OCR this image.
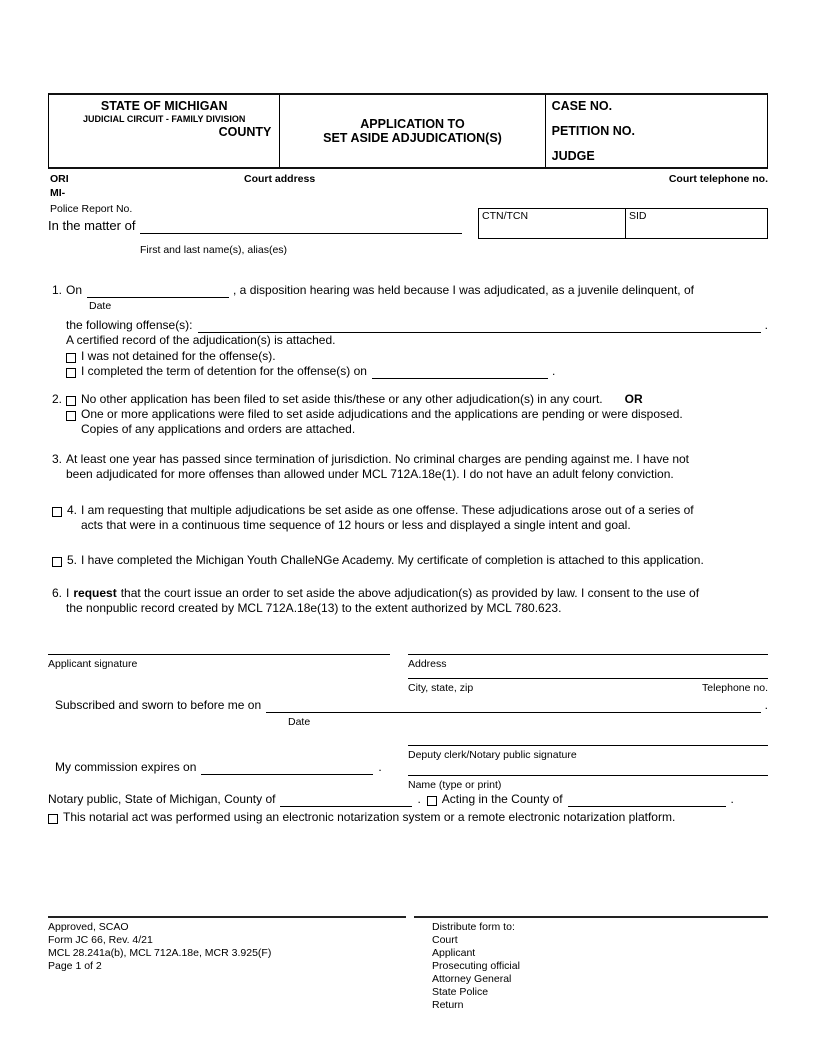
STATE OF MICHIGAN
JUDICIAL CIRCUIT - FAMILY DIVISION
COUNTY
APPLICATION TO
SET ASIDE ADJUDICATION(S)
CASE NO.
PETITION NO.
JUDGE
ORI	Court address	Court telephone no.
MI-
Police Report No.
CTN/TCN	SID
In the matter of
First and last name(s), alias(es)
1. On	, a disposition hearing was held because I was adjudicated, as a juvenile delinquent, of
Date
the following offense(s):	.
A certified record of the adjudication(s) is attached.
I was not detained for the offense(s).
I completed the term of detention for the offense(s) on	.
2.	No other application has been filed to set aside this/these or any other adjudication(s) in any court. OR
One or more applications were filed to set aside adjudications and the applications are pending or were disposed.
Copies of any applications and orders are attached.
3. At least one year has passed since termination of jurisdiction. No criminal charges are pending against me. I have not
been adjudicated for more offenses than allowed under MCL 712A.18e(1). I do not have an adult felony conviction.
4. I am requesting that multiple adjudications be set aside as one offense. These adjudications arose out of a series of
acts that were in a continuous time sequence of 12 hours or less and displayed a single intent and goal.
5. I have completed the Michigan Youth ChalleNGe Academy. My certificate of completion is attached to this application.
6. I request that the court issue an order to set aside the above adjudication(s) as provided by law. I consent to the use of
the nonpublic record created by MCL 712A.18e(13) to the extent authorized by MCL 780.623.
Applicant signature	Address
City, state, zip	Telephone no.
Subscribed and sworn to before me on	.
Date
Deputy clerk/Notary public signature
My commission expires on	.
Name (type or print)
Notary public, State of Michigan, County of	. Acting in the County of	.
This notarial act was performed using an electronic notarization system or a remote electronic notarization platform.
Approved, SCAO
Form JC 66, Rev. 4/21
MCL 28.241a(b), MCL 712A.18e, MCR 3.925(F)
Page 1 of 2
Distribute form to:
Court
Applicant
Prosecuting official
Attorney General
State Police
Return
